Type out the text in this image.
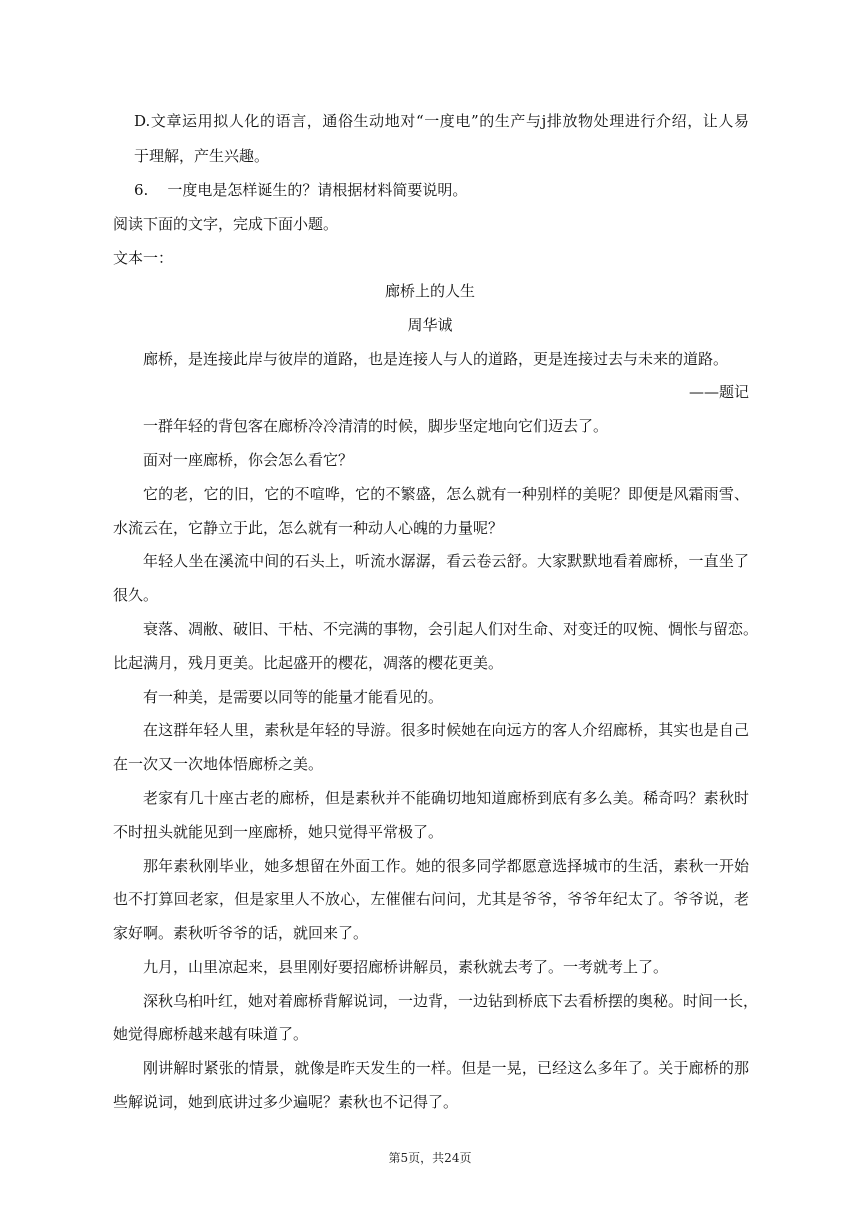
D.文章运用拟人化的语言，通俗生动地对“一度电”的生产与j排放物处理进行介绍，让人易

于理解，产生兴趣。

6. 一度电是怎样诞生的？请根据材料简要说明。

阅读下面的文字，完成下面小题。

文本一：

廊桥上的人生

周华诚

廊桥，是连接此岸与彼岸的道路，也是连接人与人的道路，更是连接过去与未来的道路。

——题记

一群年轻的背包客在廊桥冷冷清清的时候，脚步坚定地向它们迈去了。

面对一座廊桥，你会怎么看它？

它的老，它的旧，它的不喧哗，它的不繁盛，怎么就有一种别样的美呢？即便是风霜雨雪、

水流云在，它静立于此，怎么就有一种动人心魄的力量呢？

年轻人坐在溪流中间的石头上，听流水潺潺，看云卷云舒。大家默默地看着廊桥，一直坐了

很久。

衰落、凋敝、破旧、干枯、不完满的事物，会引起人们对生命、对变迁的叹惋、惆怅与留恋。

比起满月，残月更美。比起盛开的樱花，凋落的樱花更美。

有一种美，是需要以同等的能量才能看见的。

在这群年轻人里，素秋是年轻的导游。很多时候她在向远方的客人介绍廊桥，其实也是自己

在一次又一次地体悟廊桥之美。

老家有几十座古老的廊桥，但是素秋并不能确切地知道廊桥到底有多么美。稀奇吗？素秋时

不时扭头就能见到一座廊桥，她只觉得平常极了。

那年素秋刚毕业，她多想留在外面工作。她的很多同学都愿意选择城市的生活，素秋一开始

也不打算回老家，但是家里人不放心，左催催右问问，尤其是爷爷，爷爷年纪太了。爷爷说，老

家好啊。素秋听爷爷的话，就回来了。

九月，山里凉起来，县里刚好要招廊桥讲解员，素秋就去考了。一考就考上了。

深秋乌桕叶红，她对着廊桥背解说词，一边背，一边钻到桥底下去看桥摆的奥秘。时间一长，

她觉得廊桥越来越有味道了。

刚讲解时紧张的情景，就像是昨天发生的一样。但是一晃，已经这么多年了。关于廊桥的那

些解说词，她到底讲过多少遍呢？素秋也不记得了。

第5页，共24页
